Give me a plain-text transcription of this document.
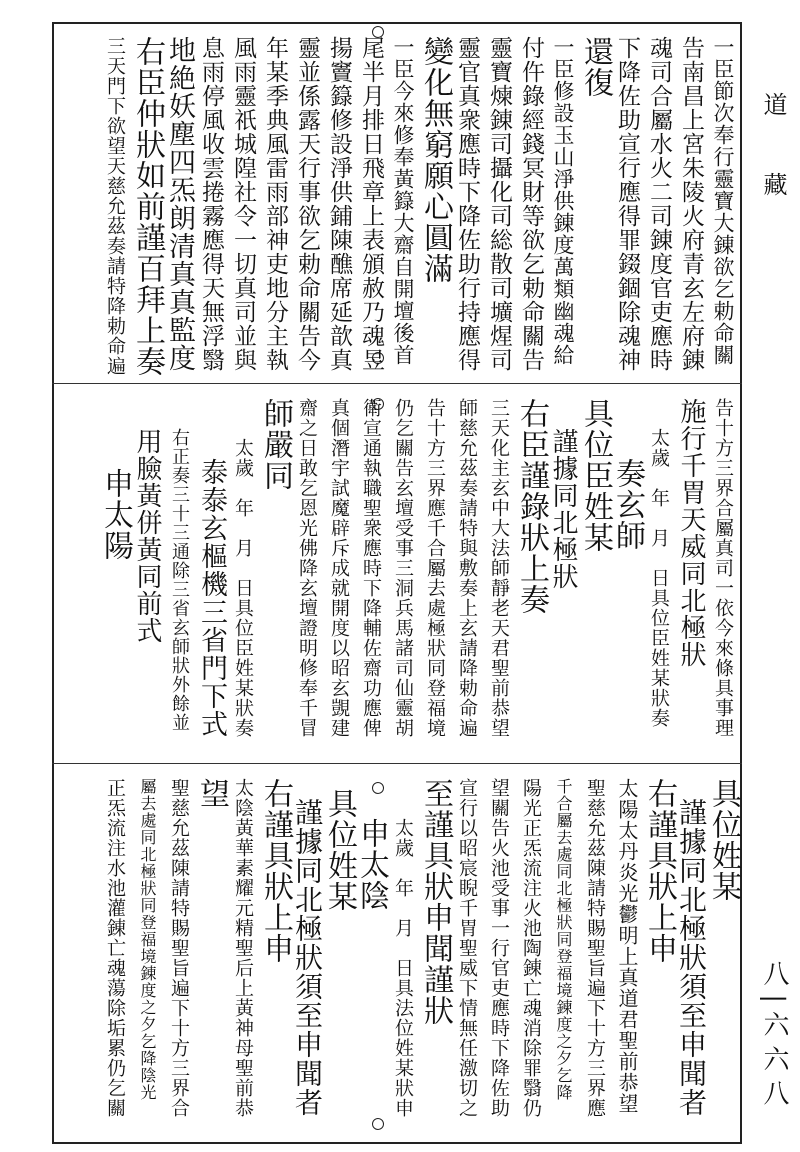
道
藏
八 | 六 六 八
一臣節次奉行靈寶大錬欲乞勅命關
告南昌上宮朱陵火府青玄左府錬
魂司合屬水火二司錬度官吏應時
下降佐助宣行應得罪錣錮除魂神
還復
一臣修設玉山淨供錬度萬類幽魂給
付仵錄經錢冥財等欲乞勅命關告
靈寶煉錬司攝化司総散司壙煋司
靈官真衆應時下降佐助行持應得
變化無窮願心圓滿
一臣今來修奉黃籙大齋自開壇後首
尾半月排日飛章上表頒赦乃魂昱
揚竇籙修設淨供鋪陳醮席延歆真
靈並係露天行事欲乞勅命關告今
年某季典風雷雨部神吏地分主執
風雨靈祇城隍社令一切真司並與
息雨停風收雲捲霧應得天無浮翳
地絶妖塵四炁朗清真真監度
右臣仲狀如前謹百拜上奏
三天門下欲望天慈允茲奏請特降勅命遍
告十方三界合屬真司一依今來條具事理
施行千胃天威同北極狀
太歲　年　月　日具位臣姓某狀奏
奏玄師
具位臣姓某
謹據同北極狀
右臣謹錄狀上奏
三天化主玄中大法師靜老天君聖前恭望
師慈允茲奏請特與敷奏上玄請降勅命遍
告十方三界應千合屬去處極狀同登福境
仍乞關告玄壇受事三洞兵馬諸司仙靈胡
衛宣通執職聖衆應時下降輔佐齋功應俾
真個潛宇試魔辟斥成就開度以昭玄覬建
齋之日敢乞恩光佛降玄壇證明修奉千冒
師嚴同
太歲　年　月　日具位臣姓某狀奏
泰泰玄樞機三省門下式
右正奏三十三通除三省玄師狀外餘並
用臉黃併黃同前式
申太陽
具位姓某
謹據同北極狀須至申聞者
右謹具狀上申
太陽太丹炎光鬱明上真道君聖前恭望
聖慈允茲陳請特賜聖旨遍下十方三界應
千合屬去處同北極狀同登福境鍊度之夕乞降
陽光正炁流注火池陶錬亡魂消除罪翳仍
望關告火池受事一行官吏應時下降佐助
宣行以昭宸睨千胃聖威下情無任激切之
至謹具狀申聞謹狀
太歲　年　月　日具法位姓某狀申
申太陰
具位姓某
謹據同北極狀須至申聞者
右謹具狀上申
太陰黃華素耀元精聖后上黃神母聖前恭
望
聖慈允茲陳請特賜聖旨遍下十方三界合
屬去處同北極狀同登福境錬度之夕乞降陰光
正炁流注水池灌錬亡魂蕩除垢累仍乞關
